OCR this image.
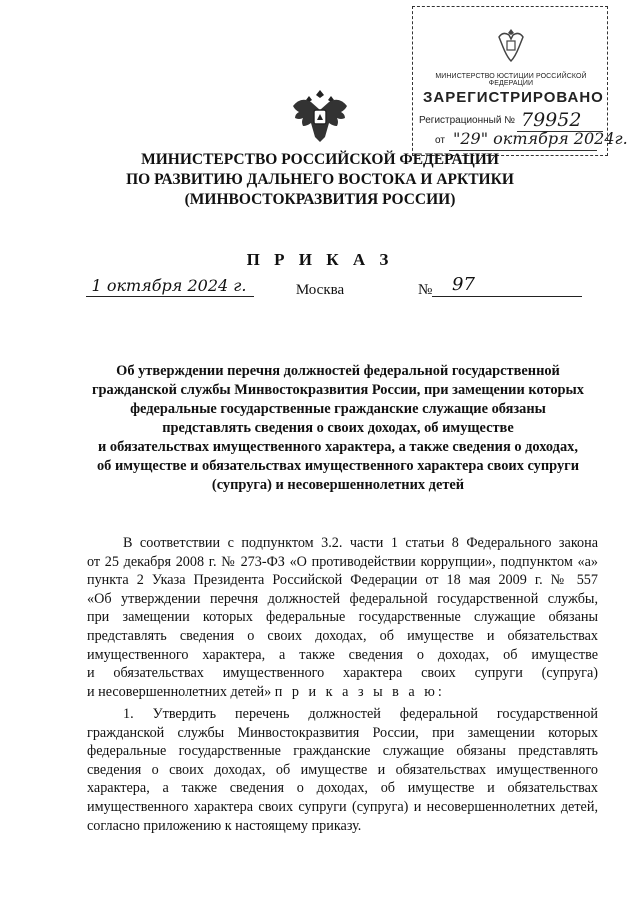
МИНИСТЕРСТВО ЮСТИЦИИ РОССИЙСКОЙ ФЕДЕРАЦИИ
ЗАРЕГИСТРИРОВАНО
Регистрационный № 79952
от "29" октября 2024г.
МИНИСТЕРСТВО РОССИЙСКОЙ ФЕДЕРАЦИИ
ПО РАЗВИТИЮ ДАЛЬНЕГО ВОСТОКА И АРКТИКИ
(МИНВОСТОКРАЗВИТИЯ РОССИИ)
П Р И К А З
1 октября 2024 г.	Москва	№ 97
Об утверждении перечня должностей федеральной государственной
гражданской службы Минвостокразвития России, при замещении которых
федеральные государственные гражданские служащие обязаны
представлять сведения о своих доходах, об имуществе
и обязательствах имущественного характера, а также сведения о доходах,
об имуществе и обязательствах имущественного характера своих супруги
(супруга) и несовершеннолетних детей
В соответствии с подпунктом 3.2. части 1 статьи 8 Федерального закона
от 25 декабря 2008 г. № 273-ФЗ «О противодействии коррупции», подпунктом «а»
пункта 2 Указа Президента Российской Федерации от 18 мая 2009 г. № 557
«Об утверждении перечня должностей федеральной государственной службы,
при замещении которых федеральные государственные служащие обязаны
представлять сведения о своих доходах, об имуществе и обязательствах
имущественного характера, а также сведения о доходах, об имуществе
и обязательствах имущественного характера своих супруги (супруга)
и несовершеннолетних детей» п р и к а з ы в а ю:
1. Утвердить перечень должностей федеральной государственной
гражданской службы Минвостокразвития России, при замещении которых
федеральные государственные гражданские служащие обязаны представлять
сведения о своих доходах, об имуществе и обязательствах имущественного
характера, а также сведения о доходах, об имуществе и обязательствах
имущественного характера своих супруги (супруга) и несовершеннолетних детей,
согласно приложению к настоящему приказу.
